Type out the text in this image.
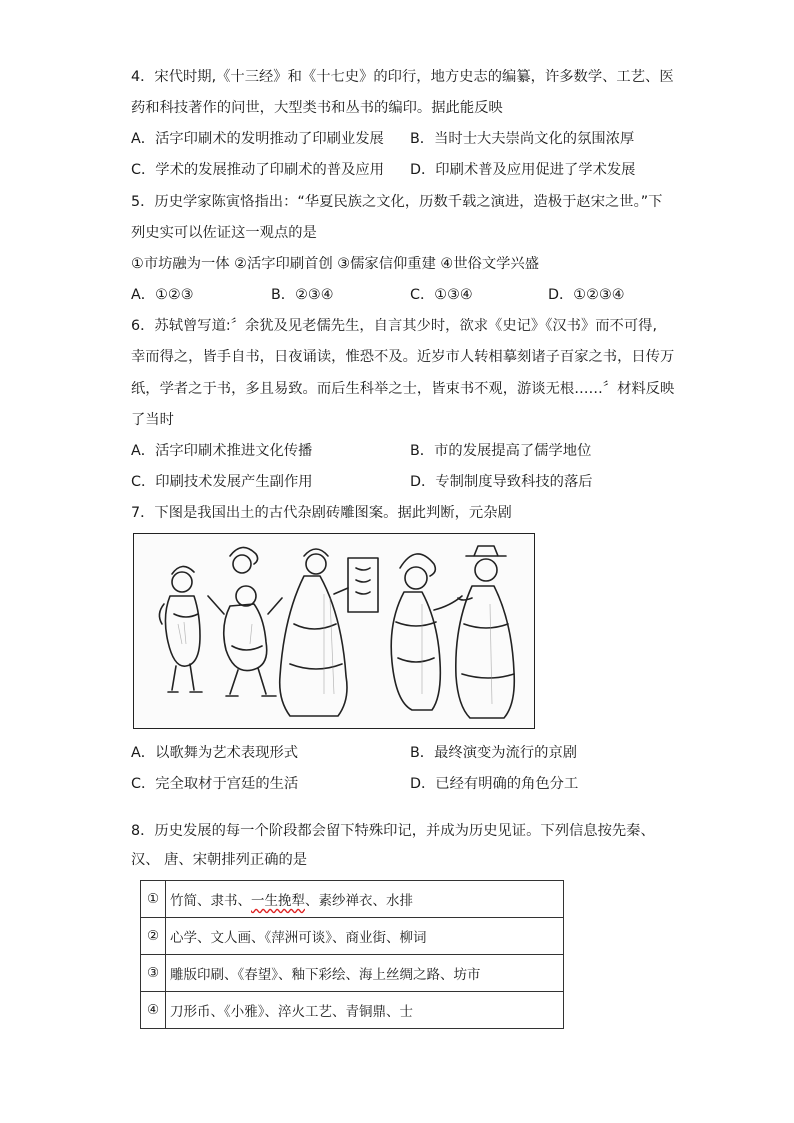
4．宋代时期,《十三经》和《十七史》的印行，地方史志的编纂，许多数学、工艺、医
药和科技著作的问世，大型类书和丛书的编印。据此能反映
A．活字印刷术的发明推动了印刷业发展 B．当时士大夫崇尚文化的氛围浓厚
C．学术的发展推动了印刷术的普及应用 D．印刷术普及应用促进了学术发展
5．历史学家陈寅恪指出：“华夏民族之文化，历数千载之演进，造极于赵宋之世。”下
列史实可以佐证这一观点的是
①市坊融为一体 ②活字印刷首创 ③儒家信仰重建 ④世俗文学兴盛
A．①②③	B．②③④	C．①③④	D．①②③④
6．苏轼曾写道:〞余犹及见老儒先生，自言其少时，欲求《史记》《汉书》而不可得,
幸而得之，皆手自书，日夜诵读，惟恐不及。近岁市人转相摹刻诸子百家之书，日传万
纸，学者之于书，多且易致。而后生科举之士，皆束书不观，游谈无根……〞材料反映
了当时
A．活字印刷术推进文化传播	B．市的发展提高了儒学地位
C．印刷技术发展产生副作用	D．专制制度导致科技的落后
7．下图是我国出土的古代杂剧砖雕图案。据此判断，元杂剧
A．以歌舞为艺术表现形式	B．最终演变为流行的京剧
C．完全取材于宫廷的生活	D．已经有明确的角色分工
8．历史发展的每一个阶段都会留下特殊印记，并成为历史见证。下列信息按先秦、
汉、 唐、宋朝排列正确的是
①	竹简、隶书、一生挽犁、素纱禅衣、水排
②	心学、文人画、《萍洲可谈》、商业街、柳词
③	雕版印刷、《春望》、釉下彩绘、海上丝绸之路、坊市
④	刀形币、《小雅》、淬火工艺、青铜鼎、士
